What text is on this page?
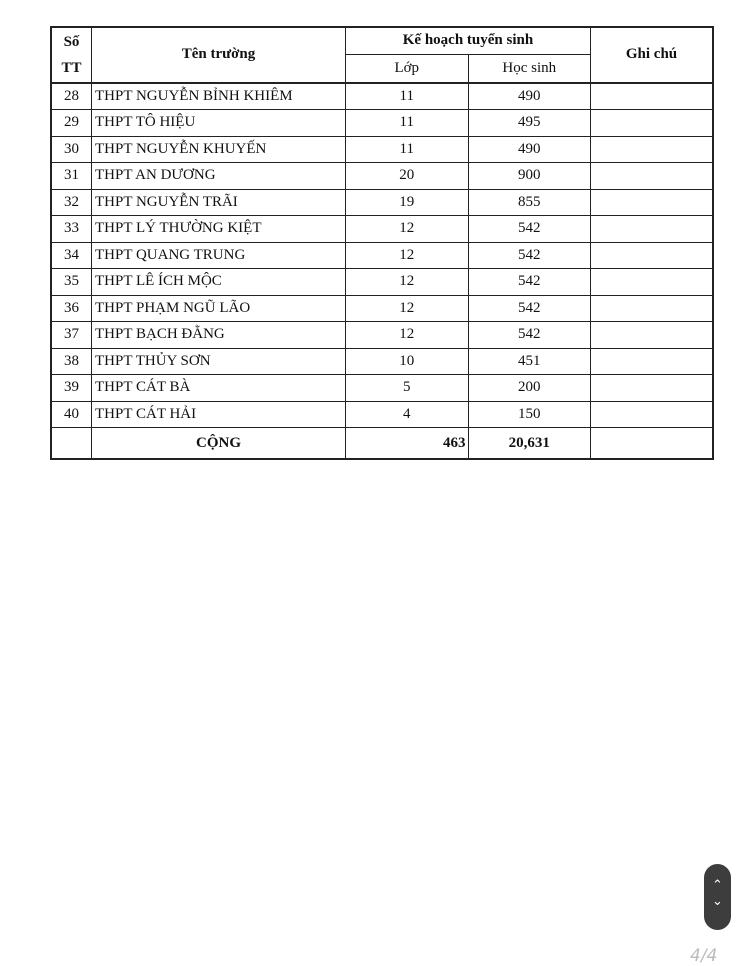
Số
TT	Tên trường	Kế hoạch tuyển sinh		Ghi chú
		Lớp	Học sinh	
28	THPT NGUYỄN BỈNH KHIÊM	11	490	
29	THPT TÔ HIỆU	11	495	
30	THPT NGUYỄN KHUYẾN	11	490	
31	THPT AN DƯƠNG	20	900	
32	THPT NGUYỄN TRÃI	19	855	
33	THPT LÝ THƯỜNG KIỆT	12	542	
34	THPT QUANG TRUNG	12	542	
35	THPT LÊ ÍCH MỘC	12	542	
36	THPT PHẠM NGŨ LÃO	12	542	
37	THPT BẠCH ĐẰNG	12	542	
38	THPT THỦY SƠN	10	451	
39	THPT CÁT BÀ	5	200	
40	THPT CÁT HẢI	4	150	
	CỘNG	463	20,631	
⌃
⌄
4/4
